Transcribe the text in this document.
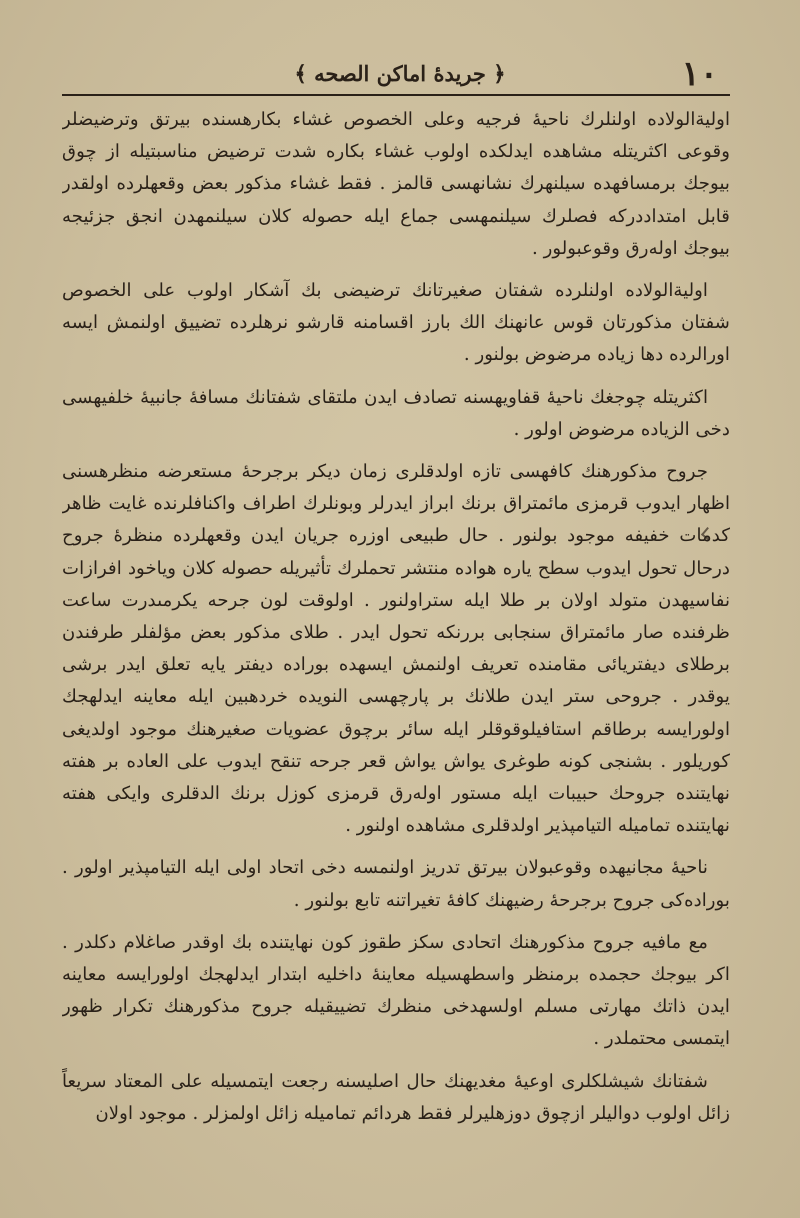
١٠
﴿ جريدهٔ اماكن الصحه ﴾

اوليةالولاده اولنلرك ناحيهٔ فرجيه وعلى الخصوص غشاء بكارهسنده بيرتق وترضيضلر وقوعى اكثريتله مشاهده ايدلكده اولوب غشاء بكاره شدت ترضيض مناسبتيله از چوق بيوجك برمسافهده سيلنهرك نشانهسى قالمز . فقط غشاء مذكور بعض وقعهلرده اولقدر قابل امتداددرکه فصلرك سيلنمهسى جماع ايله حصوله كلان سيلنمهدن انجق جزئيجه بيوجك اوله‌رق وقوعبولور .

اوليةالولاده اولنلرده شفتان صغيرتانك ترضيضى بك آشكار اولوب على الخصوص شفتان مذكورتان قوس عانهنك الك بارز اقسامنه قارشو نرهلرده تضييق اولنمش ايسه اورالرده دها زياده مرضوض بولنور .

اكثريتله چوجغك ناحيهٔ قفاويهسنه تصادف ايدن ملتقاى شفتانك مسافهٔ جانبيهٔ خلفيهسى دخى الزياده مرضوض اولور .

جروح مذكورهنك كافهسى تازه اولدقلرى زمان ديكر برجرحهٔ مستعرضه منظرهسنى اظهار ايدوب قرمزى مائمتراق برنك ابراز ايدرلر وبونلرك اطراف واكنافلرنده غايت ظاهر كدمات خفيفه موجود بولنور . حال طبيعى اوزره جريان ايدن وقعهلرده منظرهٔ جروح درحال تحول ايدوب سطح ياره هواده منتشر تحملرك تأثيريله حصوله كلان وياخود افرازات نفاسيهدن متولد اولان بر طلا ايله ستراولنور . اولوقت لون جرحه يكرمىدرت ساعت ظرفنده صار مائمتراق سنجابى بررنكه تحول ايدر . طلاى مذكور بعض مؤلفلر طرفندن برطلاى ديفتريائى مقامنده تعريف اولنمش ايسهده بوراده ديفتر يايه تعلق ايدر برشى يوقدر . جروحى ستر ايدن طلانك بر پارچهسى النويده خردهبين ايله معاينه ايدلهجك اولورايسه برطاقم استافيلوقوقلر ايله سائر برچوق عضويات صغيرهنك موجود اولديغى كوريلور . بشنجى كونه طوغرى يواش يواش قعر جرحه تنقح ايدوب على العاده بر هفته نهايتنده جروحك حبيبات ايله مستور اوله‌رق قرمزى كوزل برنك الدقلرى وايكى هفته نهايتنده تماميله التيامپذير اولدقلرى مشاهده اولنور .

ناحيهٔ مجانيهده وقوعبولان بيرتق تدريز اولنمسه دخى اتحاد اولى ايله التيامپذير اولور . بوراده‌كى جروح برجرحهٔ رضيهنك كافهٔ تغيراتنه تابع بولنور .

مع مافيه جروح مذكورهنك اتحادى سكز طقوز كون نهايتنده بك اوقدر صاغلام دكلدر . اكر بيوجك حجمده برمنظر واسطهسيله معاينهٔ داخليه ابتدار ايدلهجك اولورايسه معاينه ايدن ذاتك مهارتى مسلم اولسهدخى منظرك تضييقيله جروح مذكورهنك تكرار ظهور ايتمسى محتملدر .

شفتانك شيشلكلرى اوعيهٔ مغديهنك حال اصليسنه رجعت ايتمسيله على المعتاد سريعاً زائل اولوب دواليلر ازچوق دوزهليرلر فقط هردائم تماميله زائل اولمزلر . موجود اولان
